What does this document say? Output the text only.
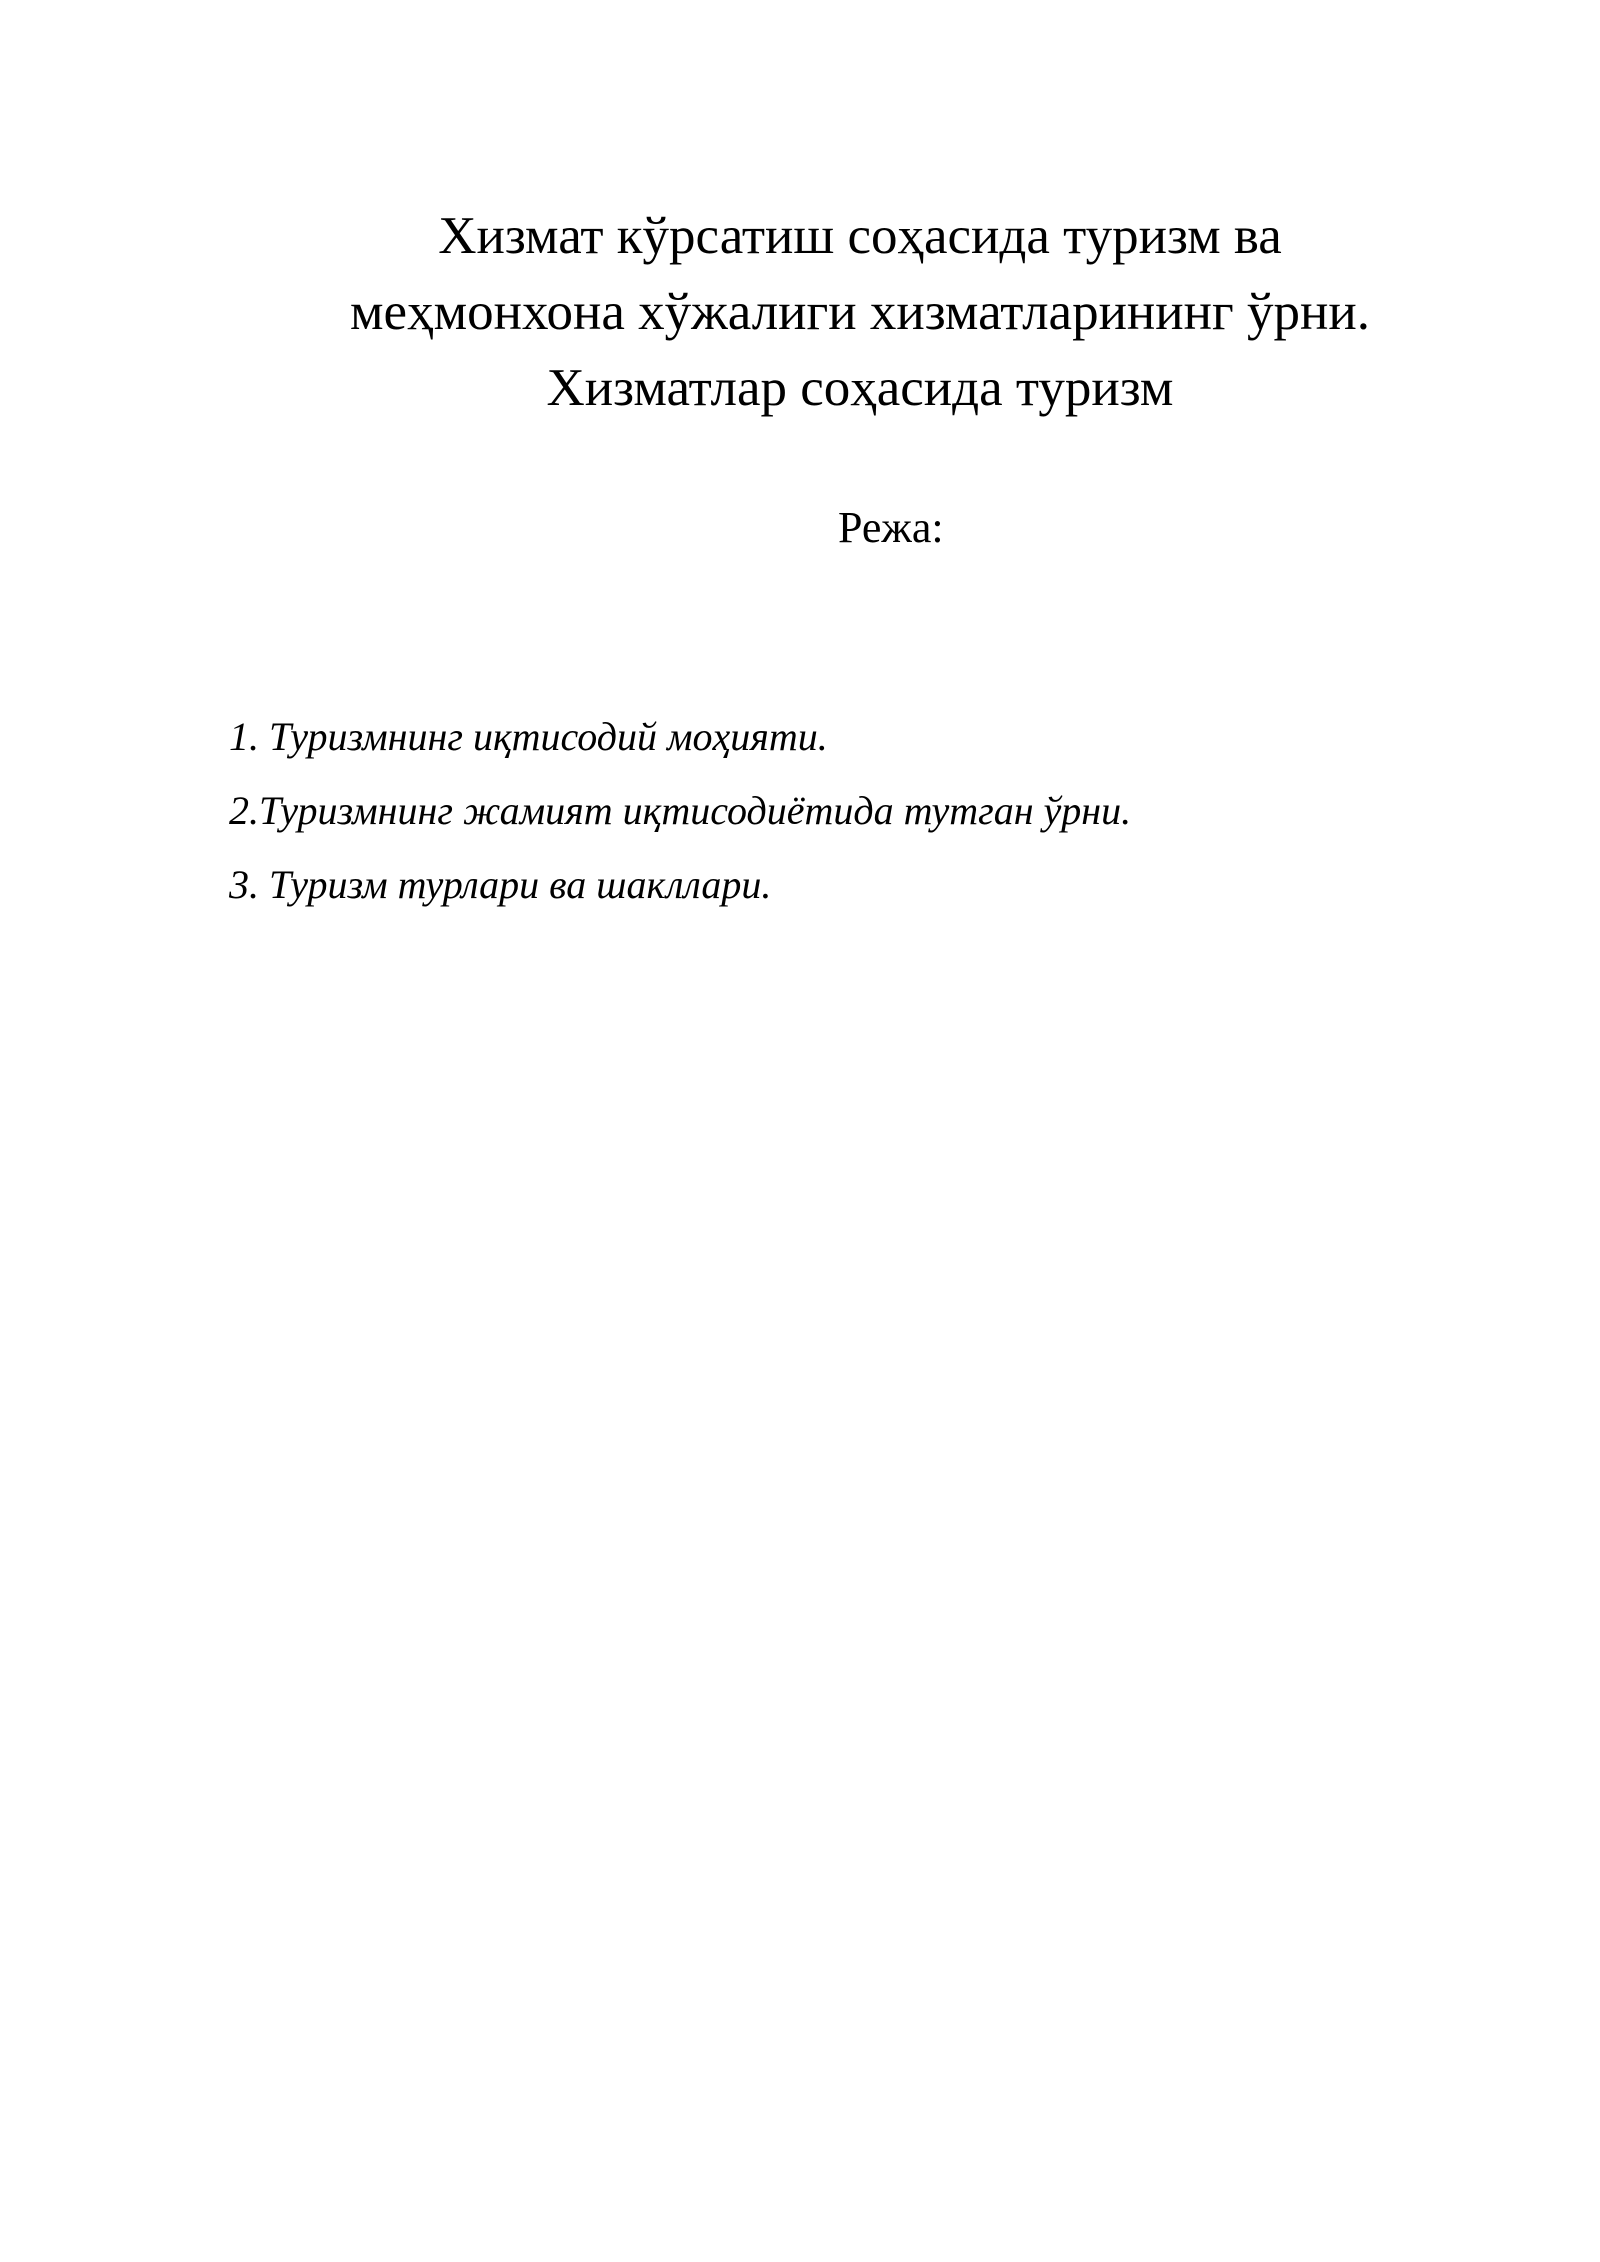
Хизмат кўрсатиш соҳасида туризм ва
меҳмонхона хўжалиги хизматларининг ўрни.
Хизматлар соҳасида туризм
Режа:
1. Туризмнинг иқтисодий моҳияти.
2.Туризмнинг жамият иқтисодиётида тутган ўрни.
3. Туризм турлари ва шакллари.
